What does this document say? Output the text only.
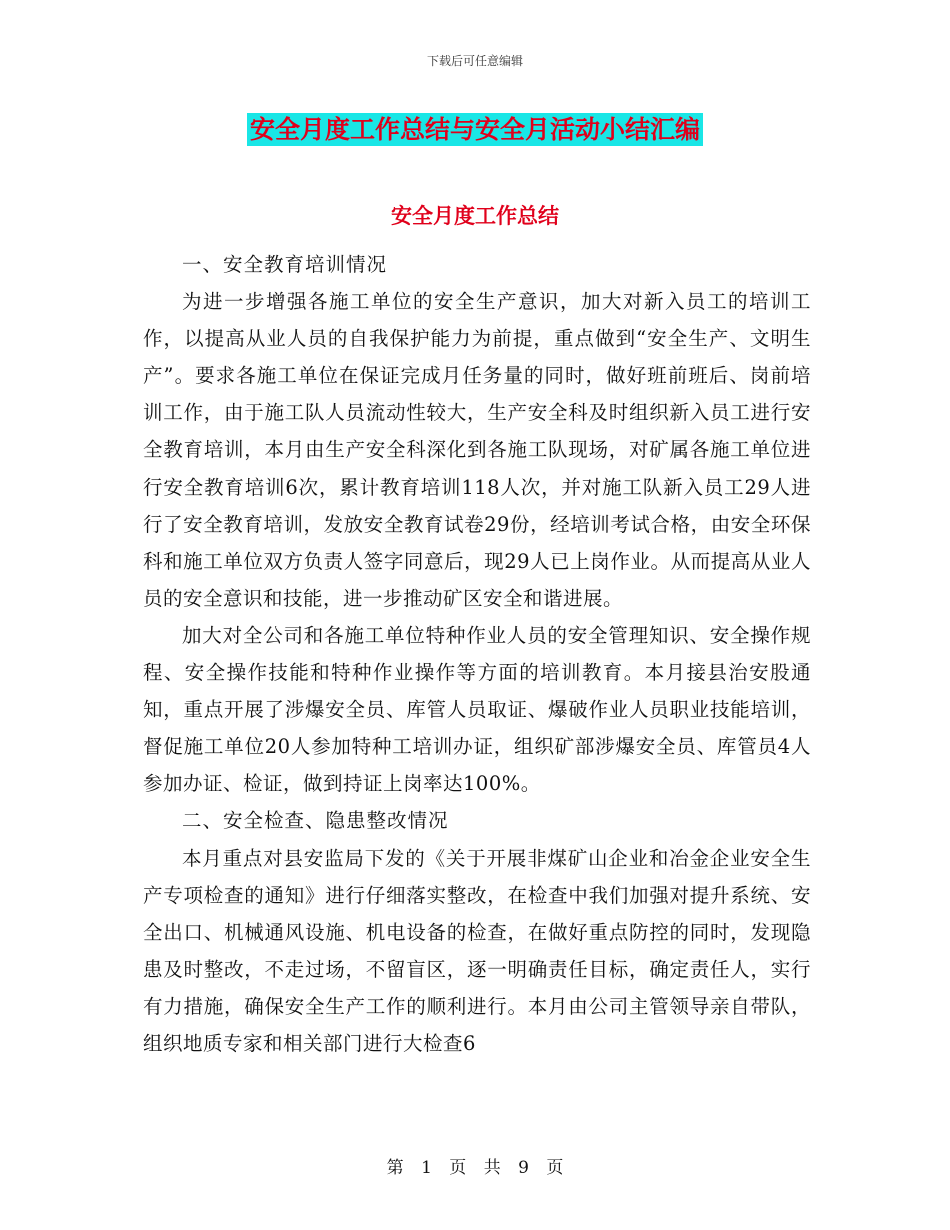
下载后可任意编辑
安全月度工作总结与安全月活动小结汇编
安全月度工作总结

一、安全教育培训情况

为进一步增强各施工单位的安全生产意识，加大对新入员工的培训工作，以提高从业人员的自我保护能力为前提，重点做到“安全生产、文明生产”。要求各施工单位在保证完成月任务量的同时，做好班前班后、岗前培训工作，由于施工队人员流动性较大，生产安全科及时组织新入员工进行安全教育培训，本月由生产安全科深化到各施工队现场，对矿属各施工单位进行安全教育培训6次，累计教育培训118人次，并对施工队新入员工29人进行了安全教育培训，发放安全教育试卷29份，经培训考试合格，由安全环保科和施工单位双方负责人签字同意后，现29人已上岗作业。从而提高从业人员的安全意识和技能，进一步推动矿区安全和谐进展。

加大对全公司和各施工单位特种作业人员的安全管理知识、安全操作规程、安全操作技能和特种作业操作等方面的培训教育。本月接县治安股通知，重点开展了涉爆安全员、库管人员取证、爆破作业人员职业技能培训，督促施工单位20人参加特种工培训办证，组织矿部涉爆安全员、库管员4人参加办证、检证，做到持证上岗率达100%。

二、安全检查、隐患整改情况

本月重点对县安监局下发的《关于开展非煤矿山企业和冶金企业安全生产专项检查的通知》进行仔细落实整改，在检查中我们加强对提升系统、安全出口、机械通风设施、机电设备的检查，在做好重点防控的同时，发现隐患及时整改，不走过场，不留盲区，逐一明确责任目标，确定责任人，实行有力措施，确保安全生产工作的顺利进行。本月由公司主管领导亲自带队，组织地质专家和相关部门进行大检查6

第 1 页 共 9 页
